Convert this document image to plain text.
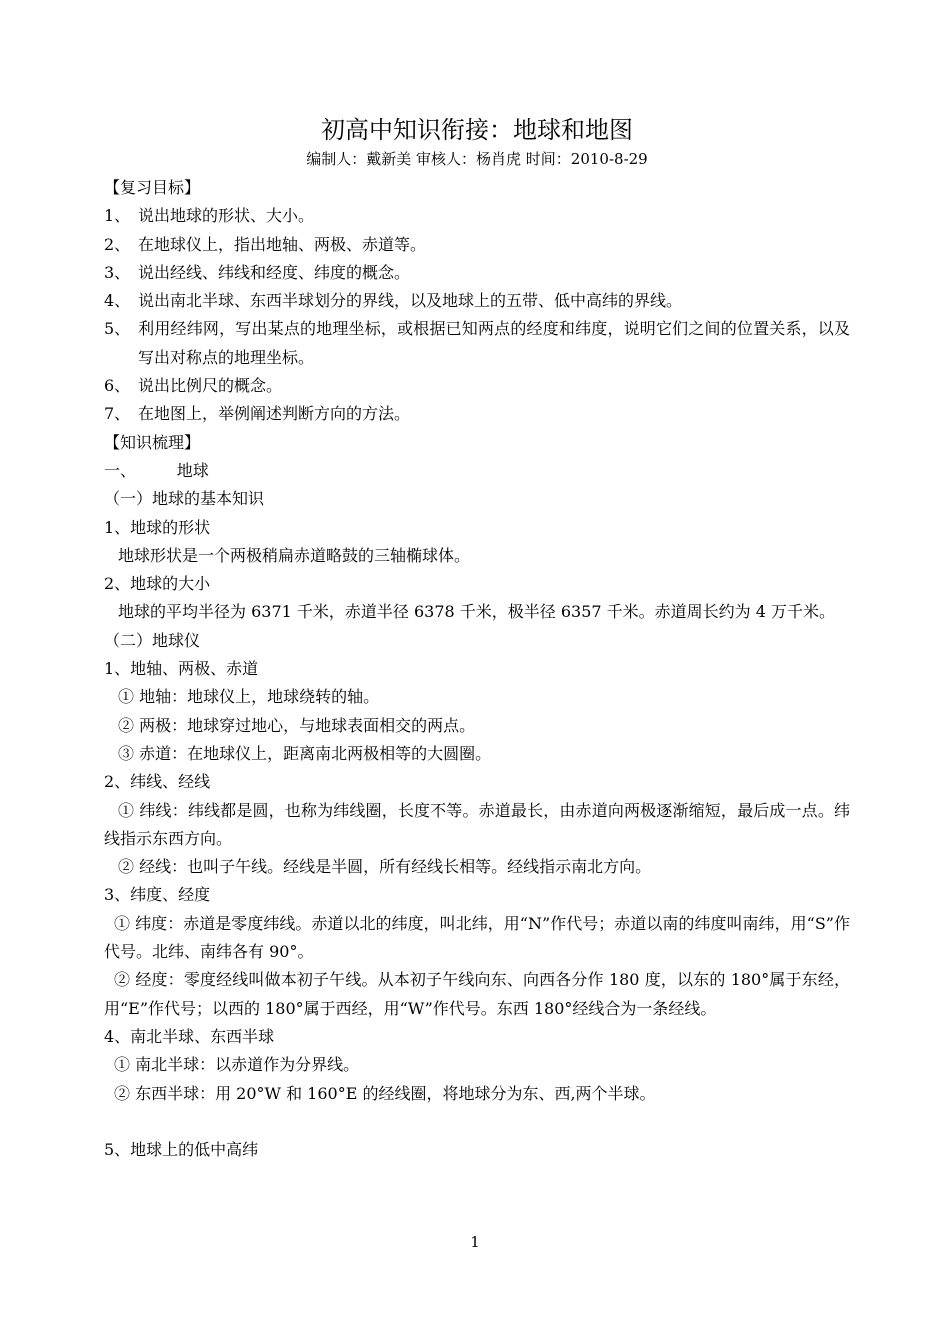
初高中知识衔接：地球和地图

编制人：戴新美 审核人：杨肖虎 时间：2010-8-29

【复习目标】

1、 说出地球的形状、大小。

2、 在地球仪上，指出地轴、两极、赤道等。

3、 说出经线、纬线和经度、纬度的概念。

4、 说出南北半球、东西半球划分的界线，以及地球上的五带、低中高纬的界线。

5、 利用经纬网，写出某点的地理坐标，或根据已知两点的经度和纬度，说明它们之间的位置关系，以及写出对称点的地理坐标。

6、 说出比例尺的概念。

7、 在地图上，举例阐述判断方向的方法。

【知识梳理】

一、        地球

（一）地球的基本知识

1、地球的形状

地球形状是一个两极稍扁赤道略鼓的三轴椭球体。

2、地球的大小

地球的平均半径为 6371 千米，赤道半径 6378 千米，极半径 6357 千米。赤道周长约为 4 万千米。

（二）地球仪

1、地轴、两极、赤道

① 地轴：地球仪上，地球绕转的轴。

② 两极：地球穿过地心，与地球表面相交的两点。

③ 赤道：在地球仪上，距离南北两极相等的大圆圈。

2、纬线、经线

① 纬线：纬线都是圆，也称为纬线圈，长度不等。赤道最长，由赤道向两极逐渐缩短，最后成一点。纬线指示东西方向。

② 经线：也叫子午线。经线是半圆，所有经线长相等。经线指示南北方向。

3、纬度、经度

① 纬度：赤道是零度纬线。赤道以北的纬度，叫北纬，用“N”作代号；赤道以南的纬度叫南纬，用“S”作代号。北纬、南纬各有 90°。

② 经度：零度经线叫做本初子午线。从本初子午线向东、向西各分作 180 度，以东的 180°属于东经，用“E”作代号；以西的 180°属于西经，用“W”作代号。东西 180°经线合为一条经线。

4、南北半球、东西半球

① 南北半球：以赤道作为分界线。

② 东西半球：用 20°W 和 160°E 的经线圈，将地球分为东、西,两个半球。

5、地球上的低中高纬

1
